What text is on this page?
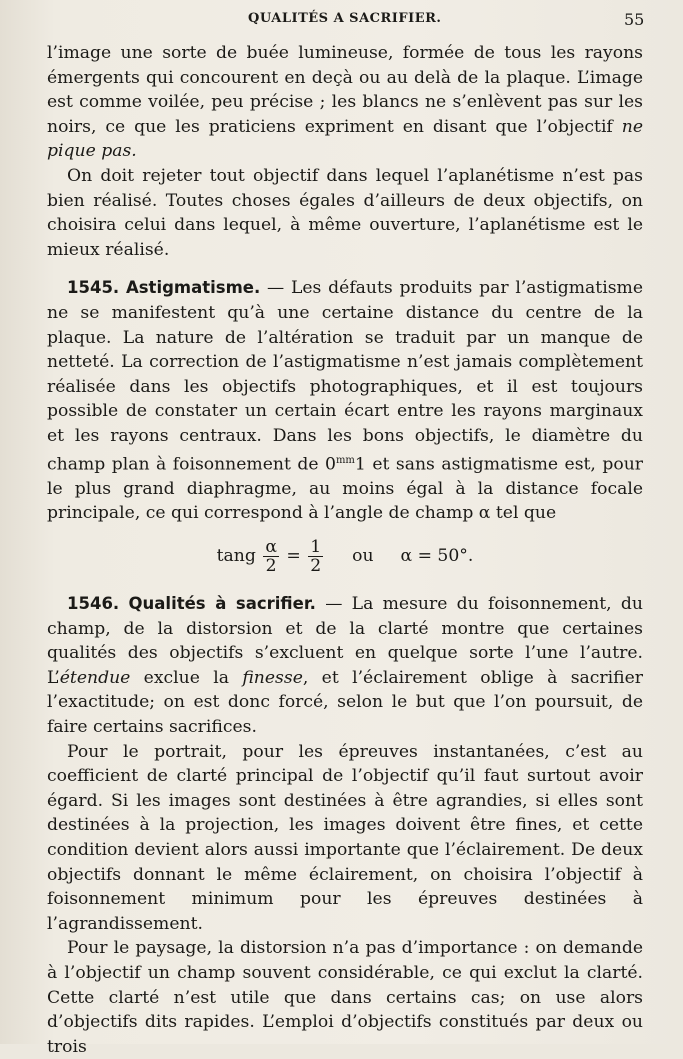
QUALITÉS A SACRIFIER.	55

l’image une sorte de buée lumineuse, formée de tous les rayons émergents qui concourent en deçà ou au delà de la plaque. L’image est comme voilée, peu précise ; les blancs ne s’enlèvent pas sur les noirs, ce que les praticiens expriment en disant que l’objectif ne pique pas.

On doit rejeter tout objectif dans lequel l’aplanétisme n’est pas bien réalisé. Toutes choses égales d’ailleurs de deux objectifs, on choisira celui dans lequel, à même ouverture, l’aplanétisme est le mieux réalisé.

1545. Astigmatisme. — Les défauts produits par l’astigmatisme ne se manifestent qu’à une certaine distance du centre de la plaque. La nature de l’altération se traduit par un manque de netteté. La correction de l’astigmatisme n’est jamais complètement réalisée dans les objectifs photographiques, et il est toujours possible de constater un certain écart entre les rayons marginaux et les rayons centraux. Dans les bons objectifs, le diamètre du champ plan à foisonnement de $0^{mm}1$ et sans astigmatisme est, pour le plus grand diaphragme, au moins égal à la distance focale principale, ce qui correspond à l’angle de champ α tel que

tang $\frac{\alpha}{2} = \frac{1}{2}$ ou α = 50°.

1546. Qualités à sacrifier. — La mesure du foisonnement, du champ, de la distorsion et de la clarté montre que certaines qualités des objectifs s’excluent en quelque sorte l’une l’autre. L’étendue exclue la finesse, et l’éclairement oblige à sacrifier l’exactitude; on est donc forcé, selon le but que l’on poursuit, de faire certains sacrifices.

Pour le portrait, pour les épreuves instantanées, c’est au coefficient de clarté principal de l’objectif qu’il faut surtout avoir égard. Si les images sont destinées à être agrandies, si elles sont destinées à la projection, les images doivent être fines, et cette condition devient alors aussi importante que l’éclairement. De deux objectifs donnant le même éclairement, on choisira l’objectif à foisonnement minimum pour les épreuves destinées à l’agrandissement.

Pour le paysage, la distorsion n’a pas d’importance : on demande à l’objectif un champ souvent considérable, ce qui exclut la clarté. Cette clarté n’est utile que dans certains cas; on use alors d’objectifs dits rapides. L’emploi d’objectifs constitués par deux ou trois
